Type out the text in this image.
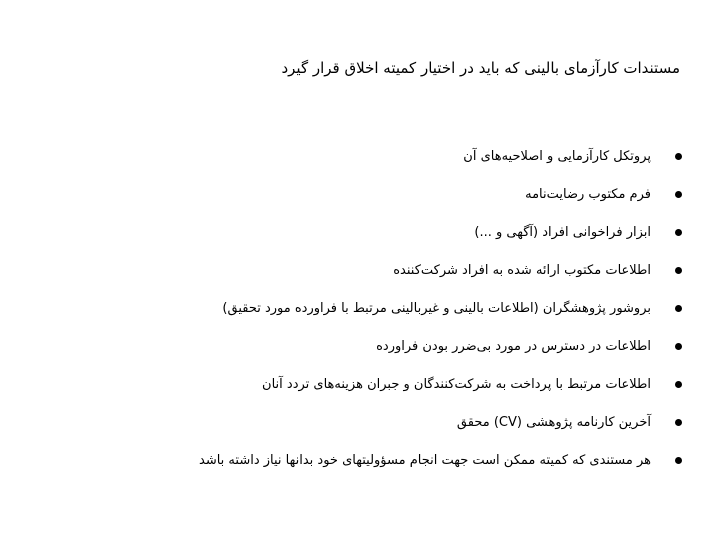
مستندات کارآزمای بالینی که باید در اختیار کمیته اخلاق قرار گیرد
پروتکل کارآزمایی و اصلاحیه‌های آن
فرم مکتوب رضایت‌نامه
ابزار فراخوانی افراد (آگهی و ...)
اطلاعات مکتوب ارائه شده به افراد شرکت‌کننده
بروشور پژوهشگران (اطلاعات بالینی و غیربالینی مرتبط با فراورده مورد تحقیق)
اطلاعات در دسترس در مورد بی‌ضرر بودن فراورده
اطلاعات مرتبط با پرداخت به شرکت‌کنندگان و جبران هزینه‌های تردد آنان
آخرین کارنامه پژوهشی (CV) محقق
هر مستندی که کمیته ممکن است جهت انجام مسؤولیتهای خود بدانها نیاز داشته باشد
